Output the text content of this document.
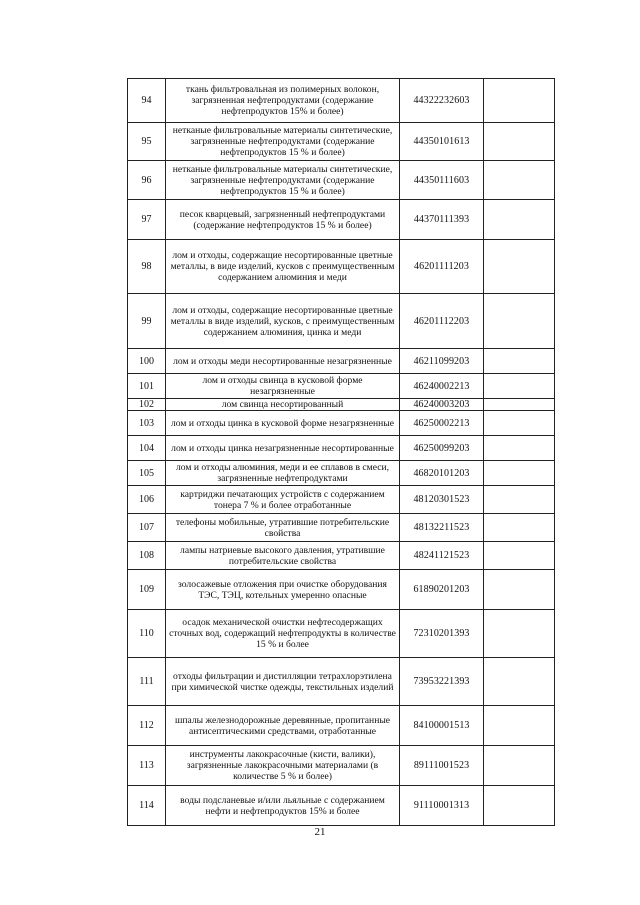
94	ткань фильтровальная из полимерных волокон, загрязненная нефтепродуктами (содержание нефтепродуктов 15% и более)	44322232603	
95	нетканые фильтровальные материалы синтетические, загрязненные нефтепродуктами (содержание нефтепродуктов 15 % и более)	44350101613	
96	нетканые фильтровальные материалы синтетические, загрязненные нефтепродуктами (содержание нефтепродуктов 15 % и более)	44350111603	
97	песок кварцевый, загрязненный нефтепродуктами (содержание нефтепродуктов 15 % и более)	44370111393	
98	лом и отходы, содержащие несортированные цветные металлы, в виде изделий, кусков с преимущественным содержанием алюминия и меди	46201111203	
99	лом и отходы, содержащие несортированные цветные металлы в виде изделий, кусков, с преимущественным содержанием алюминия, цинка и меди	46201112203	
100	лом и отходы меди несортированные незагрязненные	46211099203	
101	лом и отходы свинца в кусковой форме незагрязненные	46240002213	
102	лом свинца несортированный	46240003203	
103	лом и отходы цинка в кусковой форме незагрязненные	46250002213	
104	лом и отходы цинка незагрязненные несортированные	46250099203	
105	лом и отходы алюминия, меди и ее сплавов в смеси, загрязненные нефтепродуктами	46820101203	
106	картриджи печатающих устройств с содержанием тонера 7 % и более отработанные	48120301523	
107	телефоны мобильные, утратившие потребительские свойства	48132211523	
108	лампы натриевые высокого давления, утратившие потребительские свойства	48241121523	
109	золосажевые отложения при очистке оборудования ТЭС, ТЭЦ, котельных умеренно опасные	61890201203	
110	осадок механической очистки нефтесодержащих сточных вод, содержащий нефтепродукты в количестве 15 % и более	72310201393	
111	отходы фильтрации и дистилляции тетрахлорэтилена при химической чистке одежды, текстильных изделий	73953221393	
112	шпалы железнодорожные деревянные, пропитанные антисептическими средствами, отработанные	84100001513	
113	инструменты лакокрасочные (кисти, валики), загрязненные лакокрасочными материалами (в количестве 5 % и более)	89111001523	
114	воды подсланевые и/или льяльные с содержанием нефти и нефтепродуктов 15% и более	91110001313	
21
